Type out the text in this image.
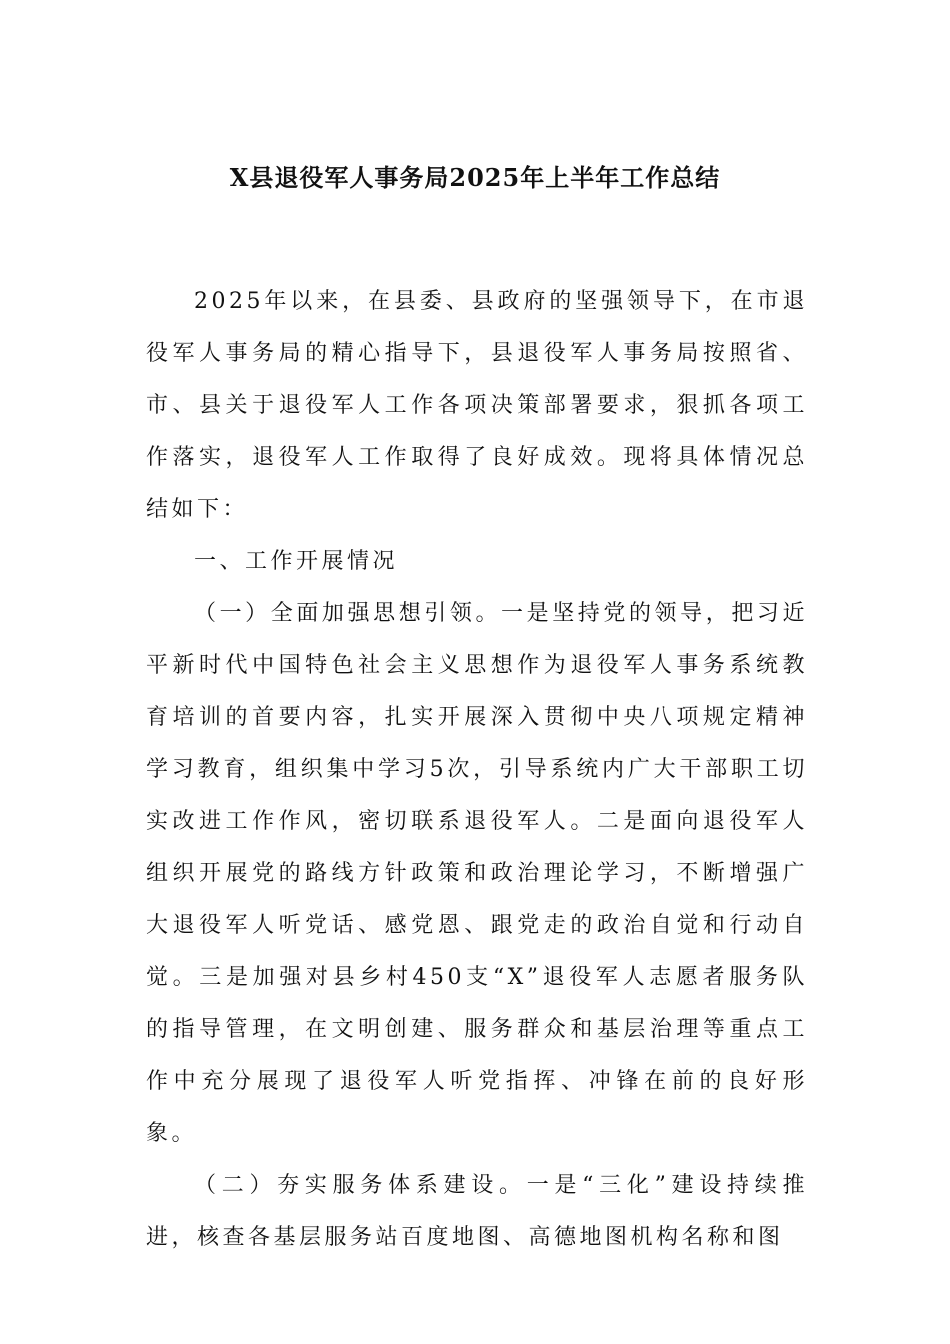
X县退役军人事务局2025年上半年工作总结

2025年以来，在县委、县政府的坚强领导下，在市退役军人事务局的精心指导下，县退役军人事务局按照省、市、县关于退役军人工作各项决策部署要求，狠抓各项工作落实，退役军人工作取得了良好成效。现将具体情况总结如下：

一、工作开展情况

（一）全面加强思想引领。一是坚持党的领导，把习近平新时代中国特色社会主义思想作为退役军人事务系统教育培训的首要内容，扎实开展深入贯彻中央八项规定精神学习教育，组织集中学习5次，引导系统内广大干部职工切实改进工作作风，密切联系退役军人。二是面向退役军人组织开展党的路线方针政策和政治理论学习，不断增强广大退役军人听党话、感党恩、跟党走的政治自觉和行动自觉。三是加强对县乡村450支“X”退役军人志愿者服务队的指导管理，在文明创建、服务群众和基层治理等重点工作中充分展现了退役军人听党指挥、冲锋在前的良好形象。

（二）夯实服务体系建设。一是“三化”建设持续推进，核查各基层服务站百度地图、高德地图机构名称和图
